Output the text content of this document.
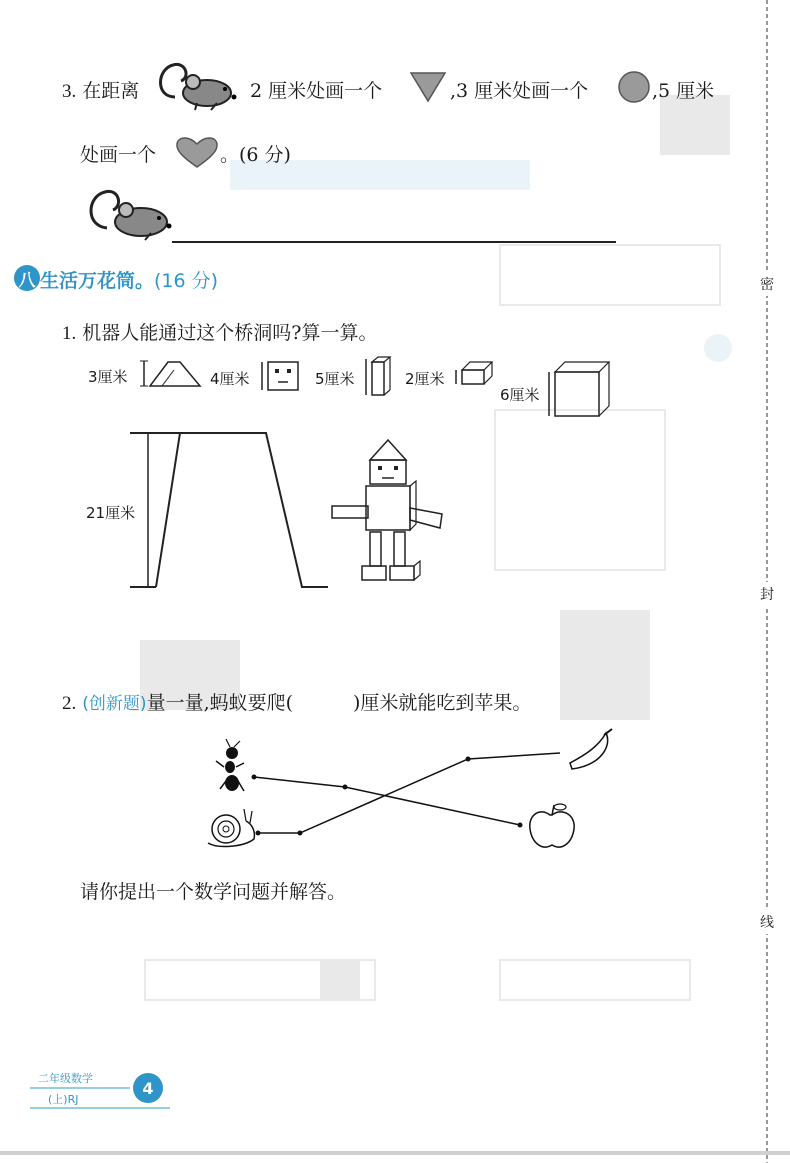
密
封
线
3. 在距离	2 厘米处画一个	,3 厘米处画一个	,5 厘米
处画一个	。(6 分)
八 生活万花筒。(16 分)
1. 机器人能通过这个桥洞吗?算一算。
3厘米	4厘米	5厘米	2厘米
6厘米
21厘米
2. (创新题)量一量,蚂蚁要爬(	)厘米就能吃到苹果。
请你提出一个数学问题并解答。
二年级数学
(上)RJ
4
